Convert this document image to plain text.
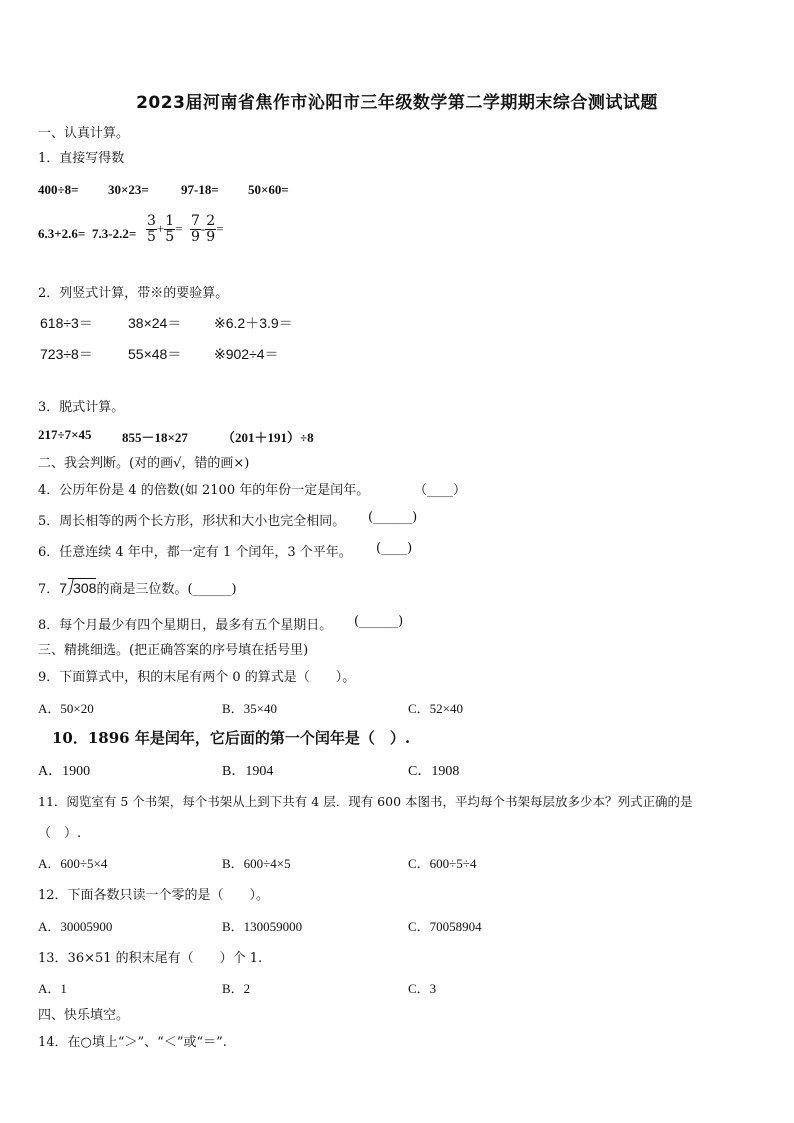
2023届河南省焦作市沁阳市三年级数学第二学期期末综合测试试题
一、认真计算。
1．直接写得数
400÷8= 30×23= 97-18= 50×60=
$6.3+2.6= 7.3-2.2= \frac{3}{5} + \frac{1}{5} = \frac{7}{9} - \frac{2}{9}$ =
2．列竖式计算，带※的要验算。
618÷3＝	38×24＝ ※6.2＋3.9＝
723÷8＝	55×48＝ ※902÷4＝
3．脱式计算。
217÷7×45 855－18×27	（201＋191）÷8
二、我会判断。(对的画√，错的画×)
4．公历年份是 4 的倍数(如 2100 年的年份一定是闰年。	（____）
5．周长相等的两个长方形，形状和大小也完全相同。 (______)
6．任意连续 4 年中，都一定有 1 个闰年，3 个平年。 (____)
7．7 308的商是三位数。(______)
8．每个月最少有四个星期日，最多有五个星期日。 (______)
三、精挑细选。(把正确答案的序号填在括号里)
9．下面算式中，积的末尾有两个 0 的算式是（　　）。
A．50×20	B．35×40	C．52×40
10．1896 年是闰年，它后面的第一个闰年是（　）.
A．1900	B．1904	C．1908
11．阅览室有 5 个书架，每个书架从上到下共有 4 层．现有 600 本图书，平均每个书架每层放多少本？列式正确的是
（　）.
A．600÷5×4	B．600÷4×5	C．600÷5÷4
12．下面各数只读一个零的是（　　）。
A．30005900	B．130059000	C．70058904
13．36×51 的积末尾有（　　）个 1.
A．1	B．2	C．3
四、快乐填空。
14．在○填上“＞”、“＜”或“＝”.
